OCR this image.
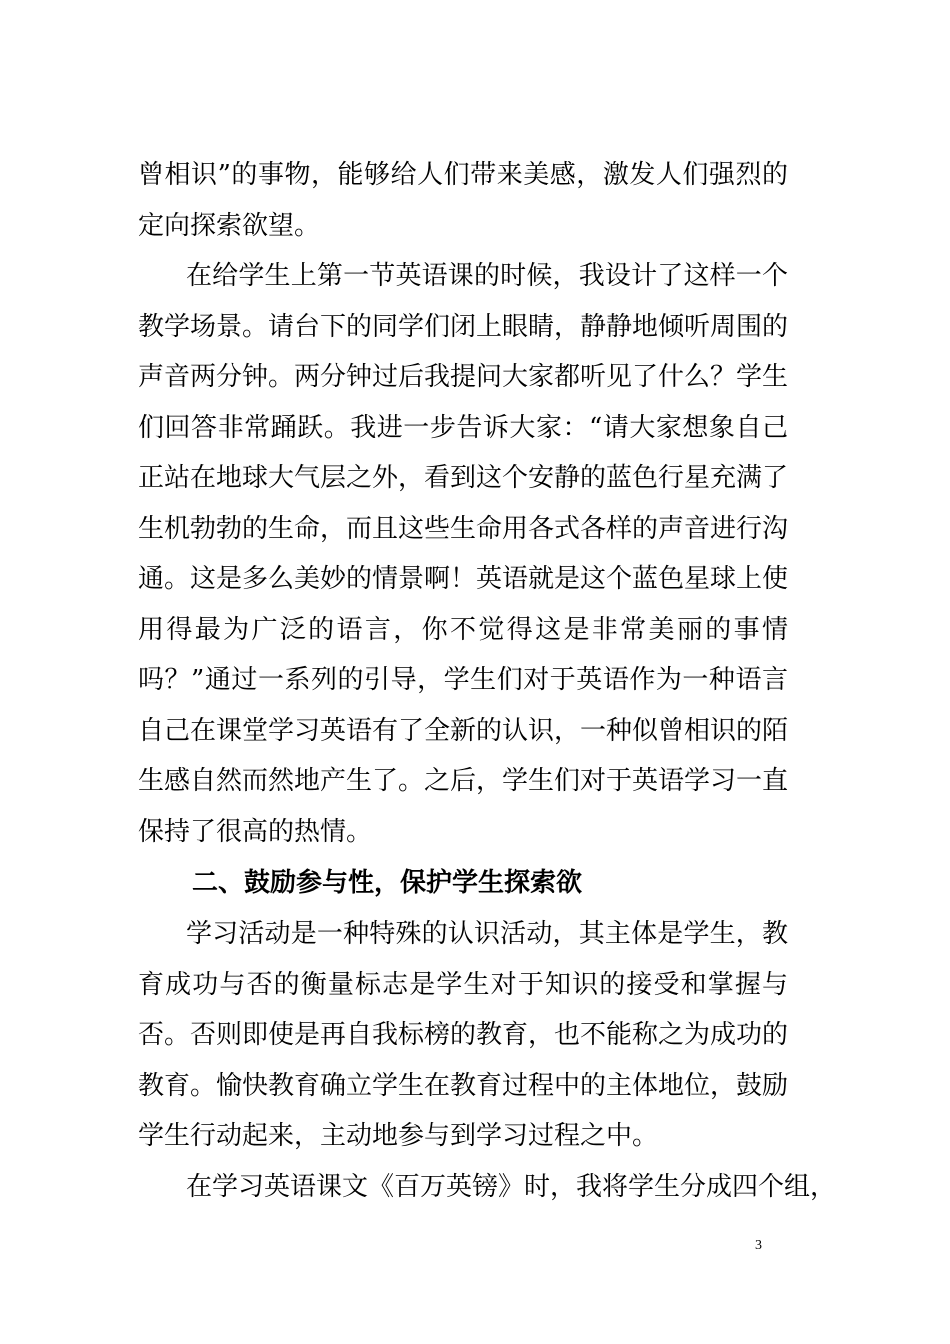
曾相识”的事物，能够给人们带来美感，激发人们强烈的
定向探索欲望。
在给学生上第一节英语课的时候，我设计了这样一个
教学场景。请台下的同学们闭上眼睛，静静地倾听周围的
声音两分钟。两分钟过后我提问大家都听见了什么？学生
们回答非常踊跃。我进一步告诉大家：“请大家想象自己
正站在地球大气层之外，看到这个安静的蓝色行星充满了
生机勃勃的生命，而且这些生命用各式各样的声音进行沟
通。这是多么美妙的情景啊！英语就是这个蓝色星球上使
用得最为广泛的语言，你不觉得这是非常美丽的事情
吗？”通过一系列的引导，学生们对于英语作为一种语言
自己在课堂学习英语有了全新的认识，一种似曾相识的陌
生感自然而然地产生了。之后，学生们对于英语学习一直
保持了很高的热情。
二、鼓励参与性，保护学生探索欲
学习活动是一种特殊的认识活动，其主体是学生，教
育成功与否的衡量标志是学生对于知识的接受和掌握与
否。否则即使是再自我标榜的教育，也不能称之为成功的
教育。愉快教育确立学生在教育过程中的主体地位，鼓励
学生行动起来，主动地参与到学习过程之中。
在学习英语课文《百万英镑》时，我将学生分成四个组，
3
